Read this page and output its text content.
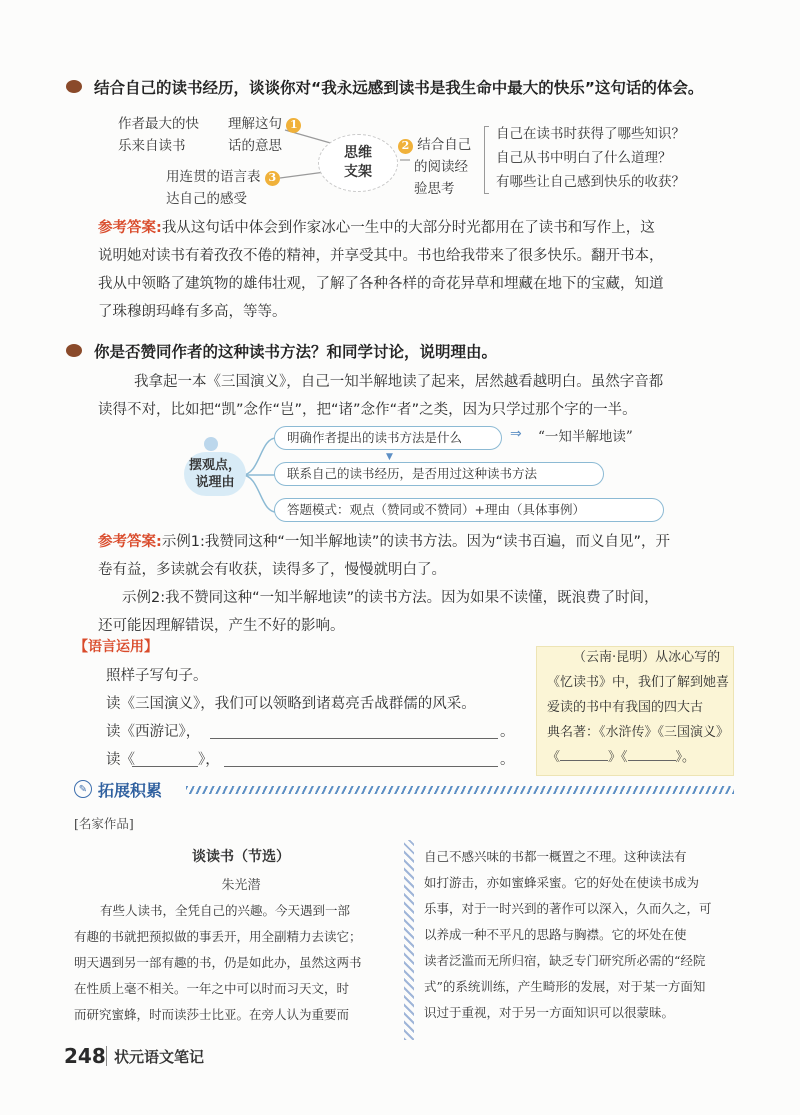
结合自己的读书经历，谈谈你对“我永远感到读书是我生命中最大的快乐”这句话的体会。
作者最大的快
乐来自读书
理解这句 1
话的意思	思维
支架
2 结合自己
的阅读经
验思考
用连贯的语言表 3
达自己的感受
自己在读书时获得了哪些知识？
自己从书中明白了什么道理？
有哪些让自己感到快乐的收获？
参考答案:我从这句话中体会到作家冰心一生中的大部分时光都用在了读书和写作上，这
说明她对读书有着孜孜不倦的精神，并享受其中。书也给我带来了很多快乐。翻开书本，
我从中领略了建筑物的雄伟壮观，了解了各种各样的奇花异草和埋藏在地下的宝藏，知道
了珠穆朗玛峰有多高，等等。
你是否赞同作者的这种读书方法？和同学讨论，说明理由。
我拿起一本《三国演义》，自己一知半解地读了起来，居然越看越明白。虽然字音都
读得不对，比如把“凯”念作“岂”，把“诸”念作“者”之类，因为只学过那个字的一半。
摆观点，
说理由
明确作者提出的读书方法是什么	⇒ “一知半解地读”
▼
联系自己的读书经历，是否用过这种读书方法
答题模式：观点（赞同或不赞同）+理由（具体事例）
参考答案:示例1:我赞同这种“一知半解地读”的读书方法。因为“读书百遍，而义自见”，开
卷有益，多读就会有收获，读得多了，慢慢就明白了。
示例2:我不赞同这种“一知半解地读”的读书方法。因为如果不读懂，既浪费了时间，
还可能因理解错误，产生不好的影响。
【语言运用】
照样子写句子。
读《三国演义》，我们可以领略到诸葛亮舌战群儒的风采。
读《西游记》，	。
读《	》，	。
（云南·昆明）从冰心写的
《忆读书》中，我们了解到她喜
爱读的书中有我国的四大古
典名著：《水浒传》《三国演义》
《	》《	》。
✎ 拓展积累
[名家作品]
谈读书（节选）
朱光潜
有些人读书，全凭自己的兴趣。今天遇到一部
有趣的书就把预拟做的事丢开，用全副精力去读它；
明天遇到另一部有趣的书，仍是如此办，虽然这两书
在性质上毫不相关。一年之中可以时而习天文，时
而研究蜜蜂，时而读莎士比亚。在旁人认为重要而
自己不感兴味的书都一概置之不理。这种读法有
如打游击，亦如蜜蜂采蜜。它的好处在使读书成为
乐事，对于一时兴到的著作可以深入，久而久之，可
以养成一种不平凡的思路与胸襟。它的坏处在使
读者泛滥而无所归宿，缺乏专门研究所必需的“经院
式”的系统训练，产生畸形的发展，对于某一方面知
识过于重视，对于另一方面知识可以很蒙昧。
248 状元语文笔记
